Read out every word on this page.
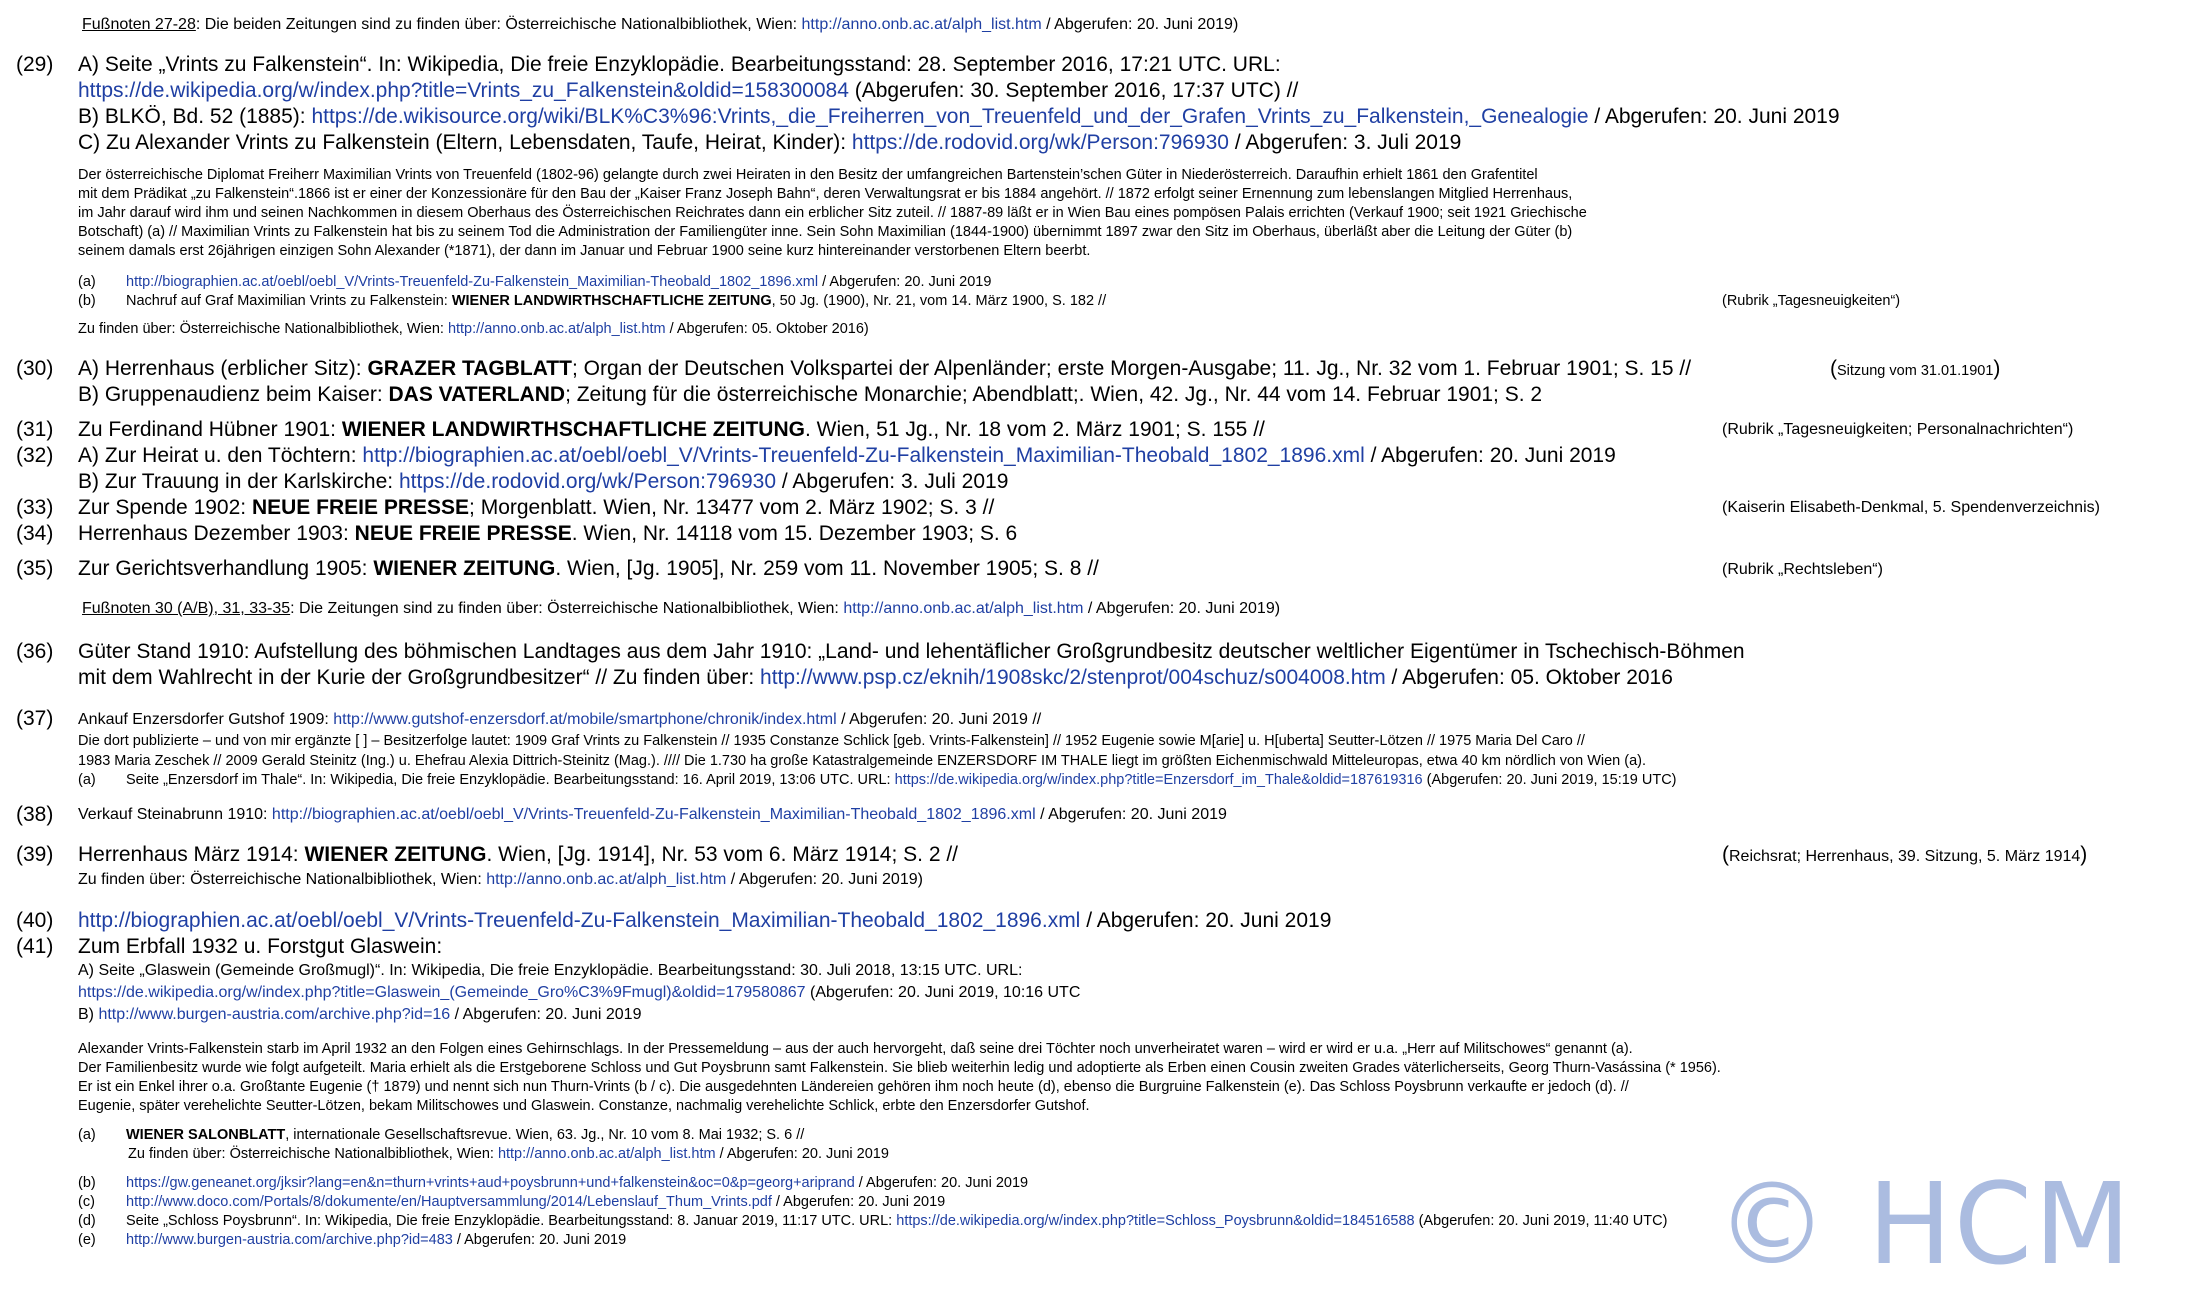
Fußnoten 27-28: Die beiden Zeitungen sind zu finden über: Österreichische Nationalbibliothek, Wien: http://anno.onb.ac.at/alph_list.htm / Abgerufen: 20. Juni 2019)
(29) A) Seite „Vrints zu Falkenstein“. In: Wikipedia, Die freie Enzyklopädie. Bearbeitungsstand: 28. September 2016, 17:21 UTC. URL:
https://de.wikipedia.org/w/index.php?title=Vrints_zu_Falkenstein&oldid=158300084 (Abgerufen: 30. September 2016, 17:37 UTC) //
B) BLKÖ, Bd. 52 (1885): https://de.wikisource.org/wiki/BLK%C3%96:Vrints,_die_Freiherren_von_Treuenfeld_und_der_Grafen_Vrints_zu_Falkenstein,_Genealogie / Abgerufen: 20. Juni 2019
C) Zu Alexander Vrints zu Falkenstein (Eltern, Lebensdaten, Taufe, Heirat, Kinder): https://de.rodovid.org/wk/Person:796930 / Abgerufen: 3. Juli 2019
Der österreichische Diplomat Freiherr Maximilian Vrints von Treuenfeld (1802-96) gelangte durch zwei Heiraten in den Besitz der umfangreichen Bartenstein’schen Güter in Niederösterreich. Daraufhin erhielt 1861 den Grafentitel
mit dem Prädikat „zu Falkenstein“.1866 ist er einer der Konzessionäre für den Bau der „Kaiser Franz Joseph Bahn“, deren Verwaltungsrat er bis 1884 angehört. // 1872 erfolgt seiner Ernennung zum lebenslangen Mitglied Herrenhaus,
im Jahr darauf wird ihm und seinen Nachkommen in diesem Oberhaus des Österreichischen Reichrates dann ein erblicher Sitz zuteil. // 1887-89 läßt er in Wien Bau eines pompösen Palais errichten (Verkauf 1900; seit 1921 Griechische
Botschaft) (a) // Maximilian Vrints zu Falkenstein hat bis zu seinem Tod die Administration der Familiengüter inne. Sein Sohn Maximilian (1844-1900) übernimmt 1897 zwar den Sitz im Oberhaus, überläßt aber die Leitung der Güter (b)
seinem damals erst 26jährigen einzigen Sohn Alexander (*1871), der dann im Januar und Februar 1900 seine kurz hintereinander verstorbenen Eltern beerbt.
(a) http://biographien.ac.at/oebl/oebl_V/Vrints-Treuenfeld-Zu-Falkenstein_Maximilian-Theobald_1802_1896.xml / Abgerufen: 20. Juni 2019
(b) Nachruf auf Graf Maximilian Vrints zu Falkenstein: WIENER LANDWIRTHSCHAFTLICHE ZEITUNG, 50 Jg. (1900), Nr. 21, vom 14. März 1900, S. 182 //	(Rubrik „Tagesneuigkeiten“)
Zu finden über: Österreichische Nationalbibliothek, Wien: http://anno.onb.ac.at/alph_list.htm / Abgerufen: 05. Oktober 2016)
(30) A) Herrenhaus (erblicher Sitz): GRAZER TAGBLATT; Organ der Deutschen Volkspartei der Alpenländer; erste Morgen-Ausgabe; 11. Jg., Nr. 32 vom 1. Februar 1901; S. 15 //	(Sitzung vom 31.01.1901)
B) Gruppenaudienz beim Kaiser: DAS VATERLAND; Zeitung für die österreichische Monarchie; Abendblatt;. Wien, 42. Jg., Nr. 44 vom 14. Februar 1901; S. 2
(31) Zu Ferdinand Hübner 1901: WIENER LANDWIRTHSCHAFTLICHE ZEITUNG. Wien, 51 Jg., Nr. 18 vom 2. März 1901; S. 155 //	(Rubrik „Tagesneuigkeiten; Personalnachrichten“)
(32) A) Zur Heirat u. den Töchtern: http://biographien.ac.at/oebl/oebl_V/Vrints-Treuenfeld-Zu-Falkenstein_Maximilian-Theobald_1802_1896.xml / Abgerufen: 20. Juni 2019
B) Zur Trauung in der Karlskirche: https://de.rodovid.org/wk/Person:796930 / Abgerufen: 3. Juli 2019
(33) Zur Spende 1902: NEUE FREIE PRESSE; Morgenblatt. Wien, Nr. 13477 vom 2. März 1902; S. 3 //	(Kaiserin Elisabeth-Denkmal, 5. Spendenverzeichnis)
(34) Herrenhaus Dezember 1903: NEUE FREIE PRESSE. Wien, Nr. 14118 vom 15. Dezember 1903; S. 6
(35) Zur Gerichtsverhandlung 1905: WIENER ZEITUNG. Wien, [Jg. 1905], Nr. 259 vom 11. November 1905; S. 8 //	(Rubrik „Rechtsleben“)
Fußnoten 30 (A/B), 31, 33-35: Die Zeitungen sind zu finden über: Österreichische Nationalbibliothek, Wien: http://anno.onb.ac.at/alph_list.htm / Abgerufen: 20. Juni 2019)
(36) Güter Stand 1910: Aufstellung des böhmischen Landtages aus dem Jahr 1910: „Land- und lehentäflicher Großgrundbesitz deutscher weltlicher Eigentümer in Tschechisch-Böhmen
mit dem Wahlrecht in der Kurie der Großgrundbesitzer“ // Zu finden über: http://www.psp.cz/eknih/1908skc/2/stenprot/004schuz/s004008.htm / Abgerufen: 05. Oktober 2016
(37) Ankauf Enzersdorfer Gutshof 1909: http://www.gutshof-enzersdorf.at/mobile/smartphone/chronik/index.html / Abgerufen: 20. Juni 2019 //
Die dort publizierte – und von mir ergänzte [ ] – Besitzerfolge lautet: 1909 Graf Vrints zu Falkenstein // 1935 Constanze Schlick [geb. Vrints-Falkenstein] // 1952 Eugenie sowie M[arie] u. H[uberta] Seutter-Lötzen // 1975 Maria Del Caro //
1983 Maria Zeschek // 2009 Gerald Steinitz (Ing.) u. Ehefrau Alexia Dittrich-Steinitz (Mag.). //// Die 1.730 ha große Katastralgemeinde ENZERSDORF IM THALE liegt im größten Eichenmischwald Mitteleuropas, etwa 40 km nördlich von Wien (a).
(a) Seite „Enzersdorf im Thale“. In: Wikipedia, Die freie Enzyklopädie. Bearbeitungsstand: 16. April 2019, 13:06 UTC. URL: https://de.wikipedia.org/w/index.php?title=Enzersdorf_im_Thale&oldid=187619316 (Abgerufen: 20. Juni 2019, 15:19 UTC)
(38) Verkauf Steinabrunn 1910: http://biographien.ac.at/oebl/oebl_V/Vrints-Treuenfeld-Zu-Falkenstein_Maximilian-Theobald_1802_1896.xml / Abgerufen: 20. Juni 2019
(39) Herrenhaus März 1914: WIENER ZEITUNG. Wien, [Jg. 1914], Nr. 53 vom 6. März 1914; S. 2 //
Zu finden über: Österreichische Nationalbibliothek, Wien: http://anno.onb.ac.at/alph_list.htm / Abgerufen: 20. Juni 2019)
(Reichsrat; Herrenhaus, 39. Sitzung, 5. März 1914)
(40) http://biographien.ac.at/oebl/oebl_V/Vrints-Treuenfeld-Zu-Falkenstein_Maximilian-Theobald_1802_1896.xml / Abgerufen: 20. Juni 2019
(41) Zum Erbfall 1932 u. Forstgut Glaswein:
A) Seite „Glaswein (Gemeinde Großmugl)“. In: Wikipedia, Die freie Enzyklopädie. Bearbeitungsstand: 30. Juli 2018, 13:15 UTC. URL:
https://de.wikipedia.org/w/index.php?title=Glaswein_(Gemeinde_Gro%C3%9Fmugl)&oldid=179580867 (Abgerufen: 20. Juni 2019, 10:16 UTC
B) http://www.burgen-austria.com/archive.php?id=16 / Abgerufen: 20. Juni 2019
Alexander Vrints-Falkenstein starb im April 1932 an den Folgen eines Gehirnschlags. In der Pressemeldung – aus der auch hervorgeht, daß seine drei Töchter noch unverheiratet waren – wird er wird er u.a. „Herr auf Militschowes“ genannt (a).
Der Familienbesitz wurde wie folgt aufgeteilt. Maria erhielt als die Erstgeborene Schloss und Gut Poysbrunn samt Falkenstein. Sie blieb weiterhin ledig und adoptierte als Erben einen Cousin zweiten Grades väterlicherseits, Georg Thurn-Vasássina (* 1956).
Er ist ein Enkel ihrer o.a. Großtante Eugenie († 1879) und nennt sich nun Thurn-Vrints (b / c). Die ausgedehnten Ländereien gehören ihm noch heute (d), ebenso die Burgruine Falkenstein (e). Das Schloss Poysbrunn verkaufte er jedoch (d). //
Eugenie, später verehelichte Seutter-Lötzen, bekam Militschowes und Glaswein. Constanze, nachmalig verehelichte Schlick, erbte den Enzersdorfer Gutshof.
(a) WIENER SALONBLATT, internationale Gesellschaftsrevue. Wien, 63. Jg., Nr. 10 vom 8. Mai 1932; S. 6 //
Zu finden über: Österreichische Nationalbibliothek, Wien: http://anno.onb.ac.at/alph_list.htm / Abgerufen: 20. Juni 2019
(b) https://gw.geneanet.org/jksir?lang=en&n=thurn+vrints+aud+poysbrunn+und+falkenstein&oc=0&p=georg+ariprand / Abgerufen: 20. Juni 2019
(c) http://www.doco.com/Portals/8/dokumente/en/Hauptversammlung/2014/Lebenslauf_Thum_Vrints.pdf / Abgerufen: 20. Juni 2019
(d) Seite „Schloss Poysbrunn“. In: Wikipedia, Die freie Enzyklopädie. Bearbeitungsstand: 8. Januar 2019, 11:17 UTC. URL: https://de.wikipedia.org/w/index.php?title=Schloss_Poysbrunn&oldid=184516588 (Abgerufen: 20. Juni 2019, 11:40 UTC)
(e) http://www.burgen-austria.com/archive.php?id=483 / Abgerufen: 20. Juni 2019	© HCM
